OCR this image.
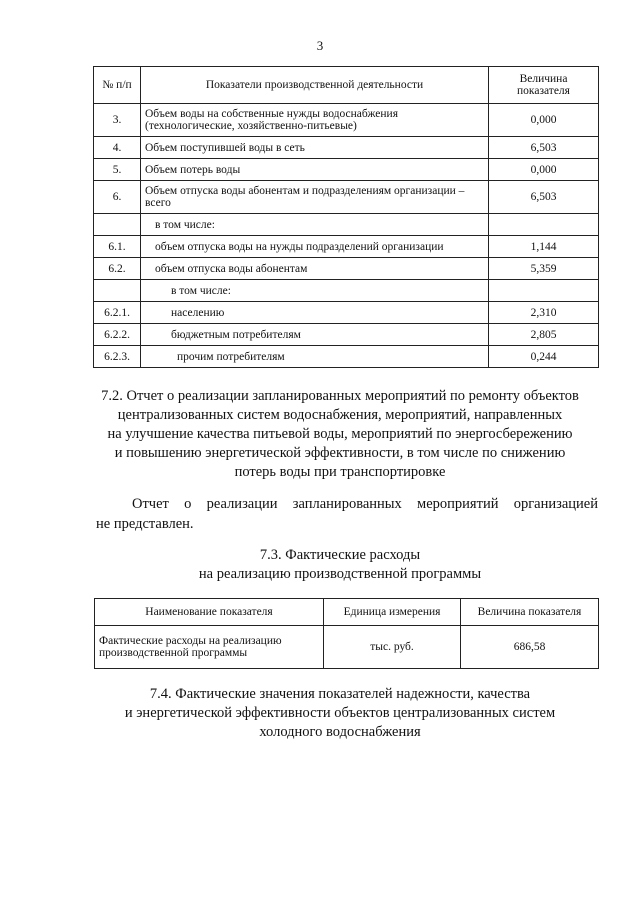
3
№ п/п	Показатели производственной деятельности	Величина показателя
3.	Объем воды на собственные нужды водоснабжения (технологические, хозяйственно-питьевые)	0,000
4.	Объем поступившей воды в сеть	6,503
5.	Объем потерь воды	0,000
6.	Объем отпуска воды абонентам и подразделениям организации – всего	6,503
	в том числе:	
6.1.	объем отпуска воды на нужды подразделений организации	1,144
6.2.	объем отпуска воды абонентам	5,359
	в том числе:	
6.2.1.	населению	2,310
6.2.2.	бюджетным потребителям	2,805
6.2.3.	прочим потребителям	0,244
7.2. Отчет о реализации запланированных мероприятий по ремонту объектов
централизованных систем водоснабжения, мероприятий, направленных
на улучшение качества питьевой воды, мероприятий по энергосбережению
и повышению энергетической эффективности, в том числе по снижению
потерь воды при транспортировке
Отчет о реализации запланированных мероприятий организацией
не представлен.
7.3. Фактические расходы
на реализацию производственной программы
Наименование показателя	Единица измерения	Величина показателя
Фактические расходы на реализацию производственной программы	тыс. руб.	686,58
7.4. Фактические значения показателей надежности, качества
и энергетической эффективности объектов централизованных систем
холодного водоснабжения
